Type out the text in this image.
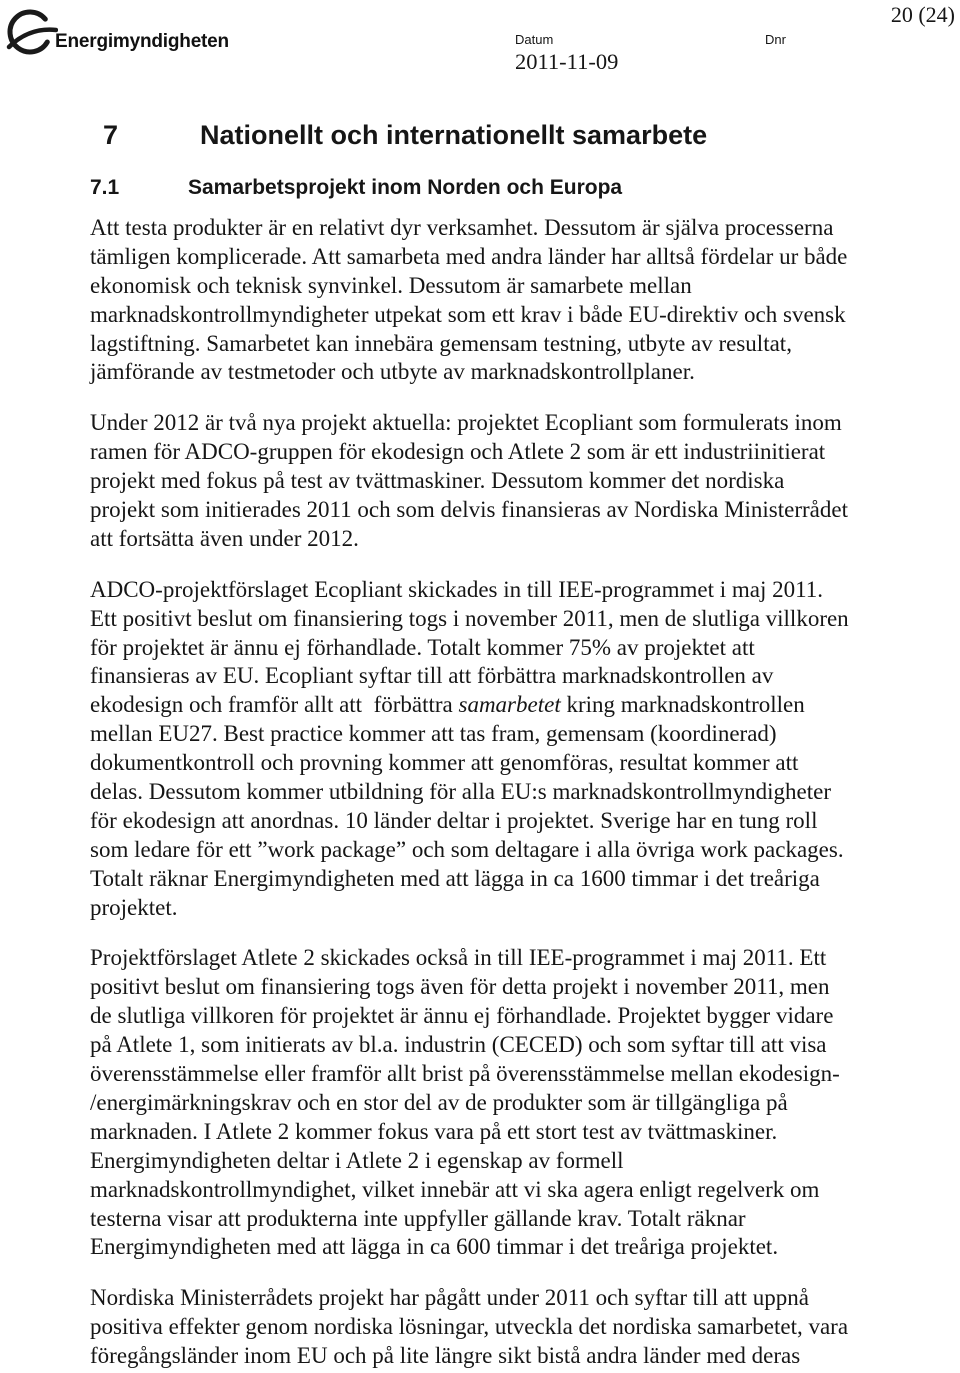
Energimyndigheten
20 (24)
Datum	Dnr
2011-11-09
7	Nationellt och internationellt samarbete
7.1	Samarbetsprojekt inom Norden och Europa
Att testa produkter är en relativt dyr verksamhet. Dessutom är själva processerna
tämligen komplicerade. Att samarbeta med andra länder har alltså fördelar ur både
ekonomisk och teknisk synvinkel. Dessutom är samarbete mellan
marknadskontrollmyndigheter utpekat som ett krav i både EU-direktiv och svensk
lagstiftning. Samarbetet kan innebära gemensam testning, utbyte av resultat,
jämförande av testmetoder och utbyte av marknadskontrollplaner.
Under 2012 är två nya projekt aktuella: projektet Ecopliant som formulerats inom
ramen för ADCO-gruppen för ekodesign och Atlete 2 som är ett industriinitierat
projekt med fokus på test av tvättmaskiner. Dessutom kommer det nordiska
projekt som initierades 2011 och som delvis finansieras av Nordiska Ministerrådet
att fortsätta även under 2012.
ADCO-projektförslaget Ecopliant skickades in till IEE-programmet i maj 2011.
Ett positivt beslut om finansiering togs i november 2011, men de slutliga villkoren
för projektet är ännu ej förhandlade. Totalt kommer 75% av projektet att
finansieras av EU. Ecopliant syftar till att förbättra marknadskontrollen av
ekodesign och framför allt att  förbättra samarbetet kring marknadskontrollen
mellan EU27. Best practice kommer att tas fram, gemensam (koordinerad)
dokumentkontroll och provning kommer att genomföras, resultat kommer att
delas. Dessutom kommer utbildning för alla EU:s marknadskontrollmyndigheter
för ekodesign att anordnas. 10 länder deltar i projektet. Sverige har en tung roll
som ledare för ett ”work package” och som deltagare i alla övriga work packages.
Totalt räknar Energimyndigheten med att lägga in ca 1600 timmar i det treåriga
projektet.
Projektförslaget Atlete 2 skickades också in till IEE-programmet i maj 2011. Ett
positivt beslut om finansiering togs även för detta projekt i november 2011, men
de slutliga villkoren för projektet är ännu ej förhandlade. Projektet bygger vidare
på Atlete 1, som initierats av bl.a. industrin (CECED) och som syftar till att visa
överensstämmelse eller framför allt brist på överensstämmelse mellan ekodesign-
/energimärkningskrav och en stor del av de produkter som är tillgängliga på
marknaden. I Atlete 2 kommer fokus vara på ett stort test av tvättmaskiner.
Energimyndigheten deltar i Atlete 2 i egenskap av formell
marknadskontrollmyndighet, vilket innebär att vi ska agera enligt regelverk om
testerna visar att produkterna inte uppfyller gällande krav. Totalt räknar
Energimyndigheten med att lägga in ca 600 timmar i det treåriga projektet.
Nordiska Ministerrådets projekt har pågått under 2011 och syftar till att uppnå
positiva effekter genom nordiska lösningar, utveckla det nordiska samarbetet, vara
föregångsländer inom EU och på lite längre sikt bistå andra länder med deras
